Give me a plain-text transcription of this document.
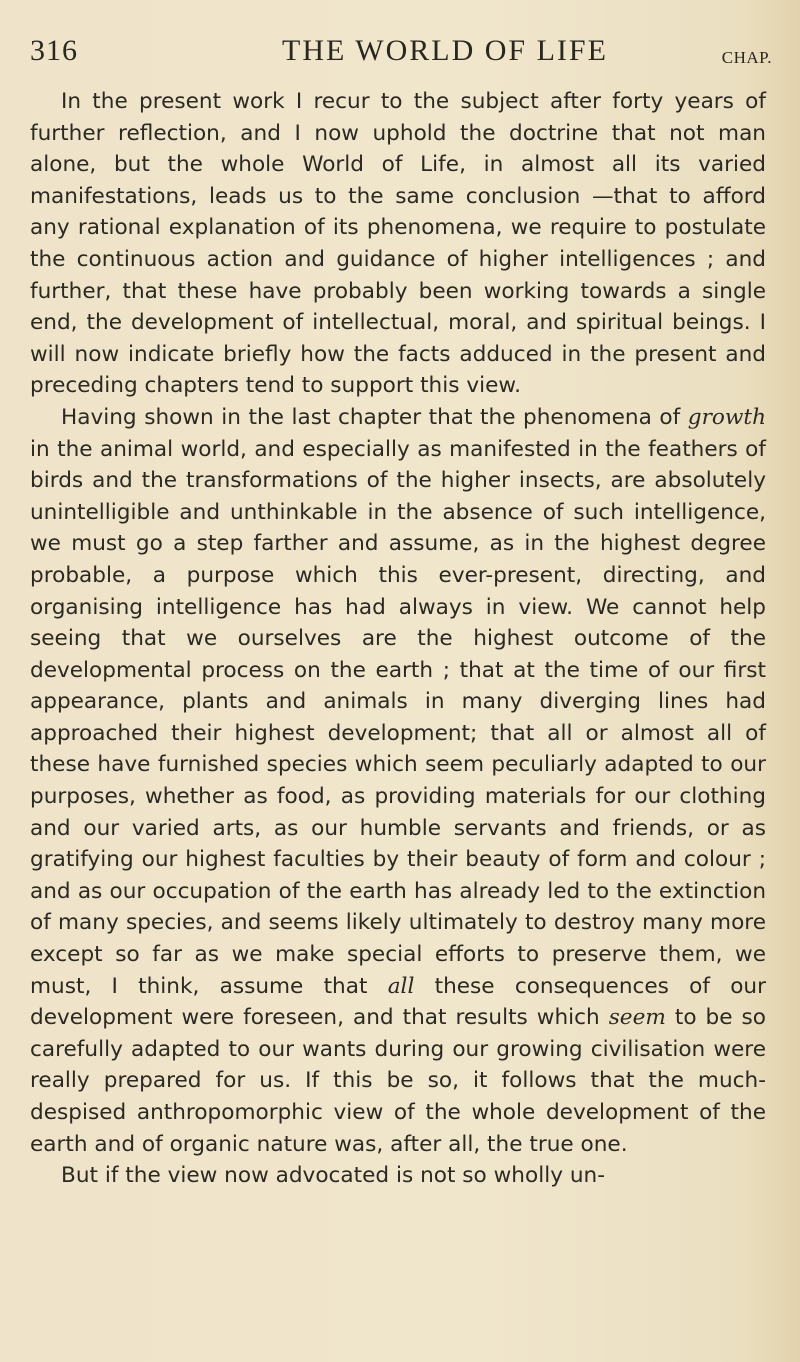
316	THE WORLD OF LIFE	CHAP.

In the present work I recur to the subject after forty years of further reflection, and I now uphold the doctrine that not man alone, but the whole World of Life, in almost all its varied manifestations, leads us to the same conclusion —that to afford any rational explanation of its phenomena, we require to postulate the continuous action and guidance of higher intelligences ; and further, that these have probably been working towards a single end, the development of intellectual, moral, and spiritual beings. I will now indicate briefly how the facts adduced in the present and preceding chapters tend to support this view.

Having shown in the last chapter that the phenomena of growth in the animal world, and especially as manifested in the feathers of birds and the transformations of the higher insects, are absolutely unintelligible and unthinkable in the absence of such intelligence, we must go a step farther and assume, as in the highest degree probable, a purpose which this ever-present, directing, and organising intelligence has had always in view. We cannot help seeing that we ourselves are the highest outcome of the developmental process on the earth ; that at the time of our first appearance, plants and animals in many diverging lines had approached their highest development; that all or almost all of these have furnished species which seem peculiarly adapted to our purposes, whether as food, as providing materials for our clothing and our varied arts, as our humble servants and friends, or as gratifying our highest faculties by their beauty of form and colour ; and as our occupation of the earth has already led to the extinction of many species, and seems likely ultimately to destroy many more except so far as we make special efforts to preserve them, we must, I think, assume that all these consequences of our development were foreseen, and that results which seem to be so carefully adapted to our wants during our growing civilisation were really prepared for us. If this be so, it follows that the much-despised anthropomorphic view of the whole development of the earth and of organic nature was, after all, the true one.

But if the view now advocated is not so wholly un-
